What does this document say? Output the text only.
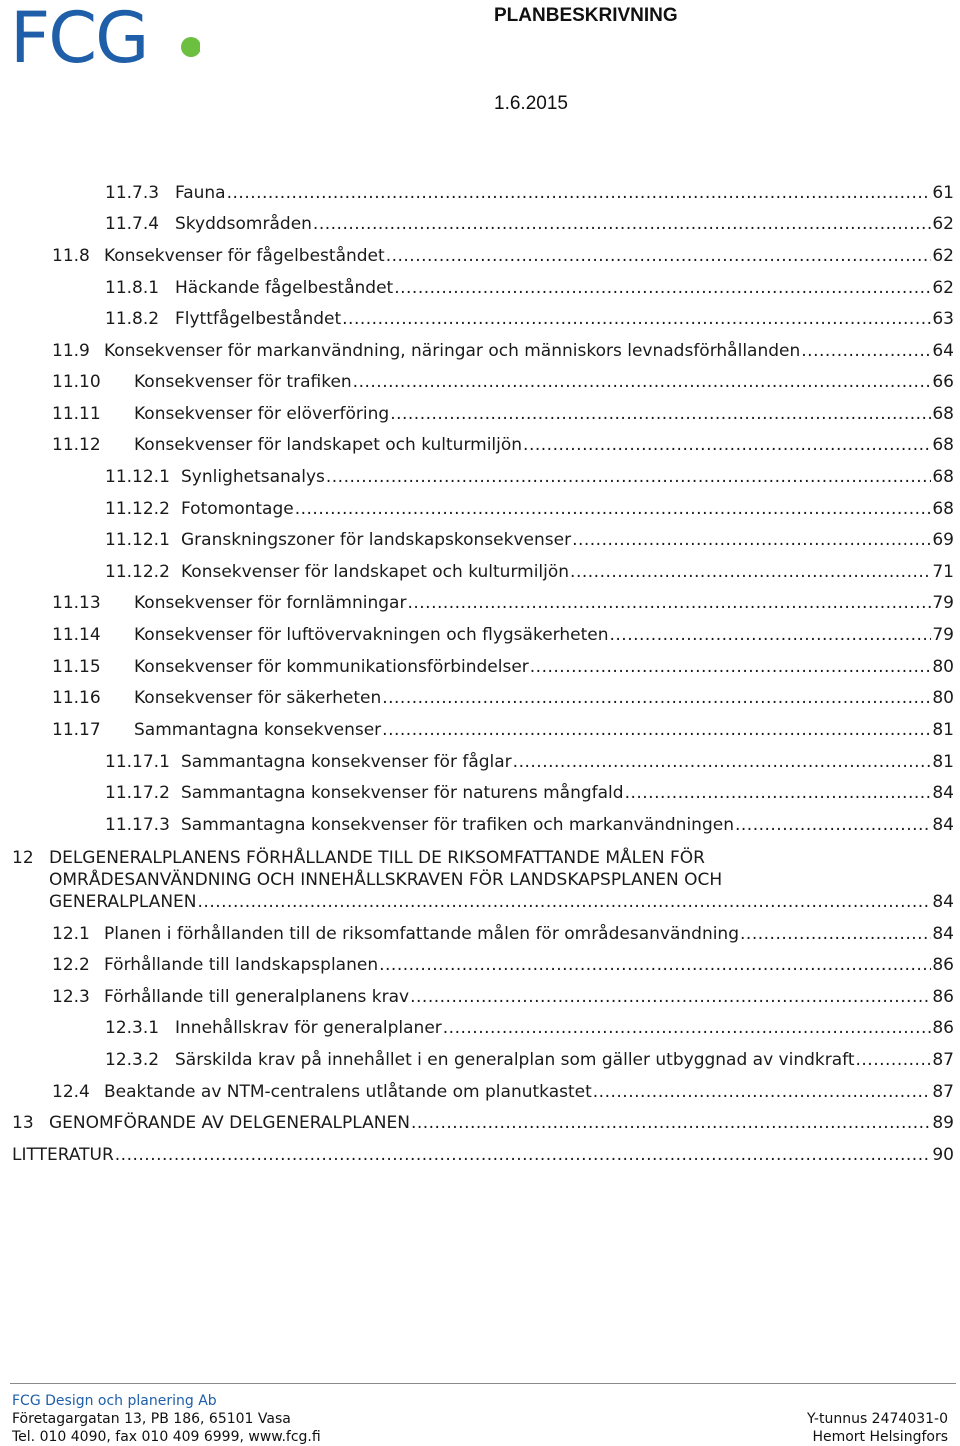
FCG	PLANBESKRIVNING
1.6.2015
11.7.3 Fauna .....	61
11.7.4 Skyddsområden .....	62
11.8 Konsekvenser för fågelbeståndet .....	62
11.8.1 Häckande fågelbeståndet .....	62
11.8.2 Flyttfågelbeståndet .....	63
11.9 Konsekvenser för markanvändning, näringar och människors levnadsförhållanden .....	64
11.10	Konsekvenser för trafiken .....	66
11.11	Konsekvenser för elöverföring .....	68
11.12	Konsekvenser för landskapet och kulturmiljön .....	68
11.12.1 Synlighetsanalys .....	68
11.12.2 Fotomontage .....	68
11.12.1 Granskningszoner för landskapskonsekvenser .....	69
11.12.2 Konsekvenser för landskapet och kulturmiljön .....	71
11.13	Konsekvenser för fornlämningar .....	79
11.14	Konsekvenser för luftövervakningen och flygsäkerheten .....	79
11.15	Konsekvenser för kommunikationsförbindelser .....	80
11.16	Konsekvenser för säkerheten .....	80
11.17	Sammantagna konsekvenser .....	81
11.17.1 Sammantagna konsekvenser för fåglar .....	81
11.17.2 Sammantagna konsekvenser för naturens mångfald .....	84
11.17.3 Sammantagna konsekvenser för trafiken och markanvändningen .....	84
12.1 Planen i förhållanden till de riksomfattande målen för områdesanvändning .....	84
12.2 Förhållande till landskapsplanen .....	86
12.3 Förhållande till generalplanens krav .....	86
12.3.1 Innehållskrav för generalplaner .....	86
12.3.2 Särskilda krav på innehållet i en generalplan som gäller utbyggnad av vindkraft .....	87
12.4 Beaktande av NTM-centralens utlåtande om planutkastet .....	87
13 GENOMFÖRANDE AV DELGENERALPLANEN .....	89
LITTERATUR .....	90
12 DELGENERALPLANENS FÖRHÅLLANDE TILL DE RIKSOMFATTANDE MÅLEN FÖR
OMRÅDESANVÄNDNING OCH INNEHÅLLSKRAVEN FÖR LANDSKAPSPLANEN OCH
GENERALPLANEN .....	84
FCG Design och planering Ab
Företagargatan 13, PB 186, 65101 Vasa
Tel. 010 4090, fax 010 409 6999, www.fcg.fi
Y-tunnus 2474031-0
Hemort Helsingfors
